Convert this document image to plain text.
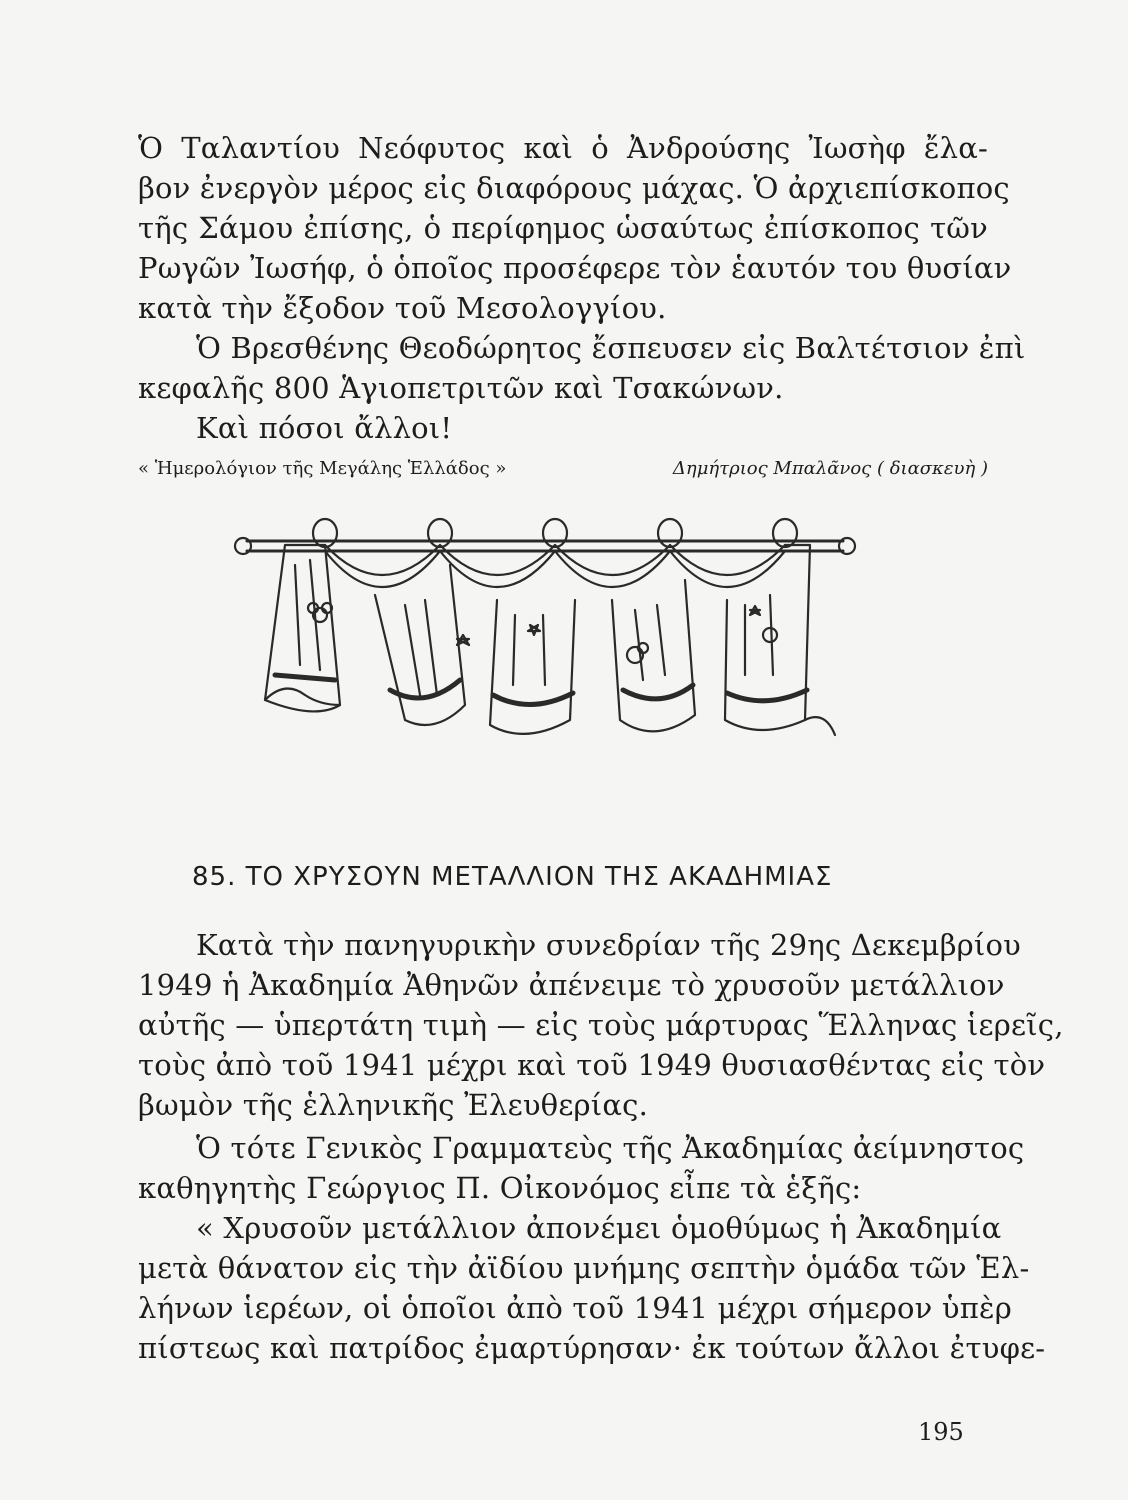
Ὁ Ταλαντίου Νεόφυτος καὶ ὁ Ἀνδρούσης Ἰωσὴφ ἔλα-
βον ἐνεργὸν μέρος εἰς διαφόρους μάχας. Ὁ ἀρχιεπίσκοπος
τῆς Σάμου ἐπίσης, ὁ περίφημος ὡσαύτως ἐπίσκοπος τῶν
Ρωγῶν Ἰωσήφ, ὁ ὁποῖος προσέφερε τὸν ἑαυτόν του θυσίαν
κατὰ τὴν ἔξοδον τοῦ Μεσολογγίου.
Ὁ Βρεσθένης Θεοδώρητος ἔσπευσεν εἰς Βαλτέτσιον ἐπὶ
κεφαλῆς 800 Ἁγιοπετριτῶν καὶ Τσακώνων.
Καὶ πόσοι ἄλλοι!
« Ἡμερολόγιον τῆς Μεγάλης Ἑλλάδος »	Δημήτριος Μπαλᾶνος ( διασκευὴ )
85. ΤΟ ΧΡΥΣΟΥΝ ΜΕΤΑΛΛΙΟΝ ΤΗΣ ΑΚΑΔΗΜΙΑΣ
Κατὰ τὴν πανηγυρικὴν συνεδρίαν τῆς 29ης Δεκεμβρίου
1949 ἡ Ἀκαδημία Ἀθηνῶν ἀπένειμε τὸ χρυσοῦν μετάλλιον
αὐτῆς — ὑπερτάτη τιμὴ — εἰς τοὺς μάρτυρας Ἕλληνας ἱερεῖς,
τοὺς ἀπὸ τοῦ 1941 μέχρι καὶ τοῦ 1949 θυσιασθέντας εἰς τὸν
βωμὸν τῆς ἑλληνικῆς Ἐλευθερίας.
Ὁ τότε Γενικὸς Γραμματεὺς τῆς Ἀκαδημίας ἀείμνηστος
καθηγητὴς Γεώργιος Π. Οἰκονόμος εἶπε τὰ ἑξῆς:
« Χρυσοῦν μετάλλιον ἀπονέμει ὁμοθύμως ἡ Ἀκαδημία
μετὰ θάνατον εἰς τὴν ἀϊδίου μνήμης σεπτὴν ὁμάδα τῶν Ἑλ-
λήνων ἱερέων, οἱ ὁποῖοι ἀπὸ τοῦ 1941 μέχρι σήμερον ὑπὲρ
πίστεως καὶ πατρίδος ἐμαρτύρησαν· ἐκ τούτων ἄλλοι ἐτυφε-
195
